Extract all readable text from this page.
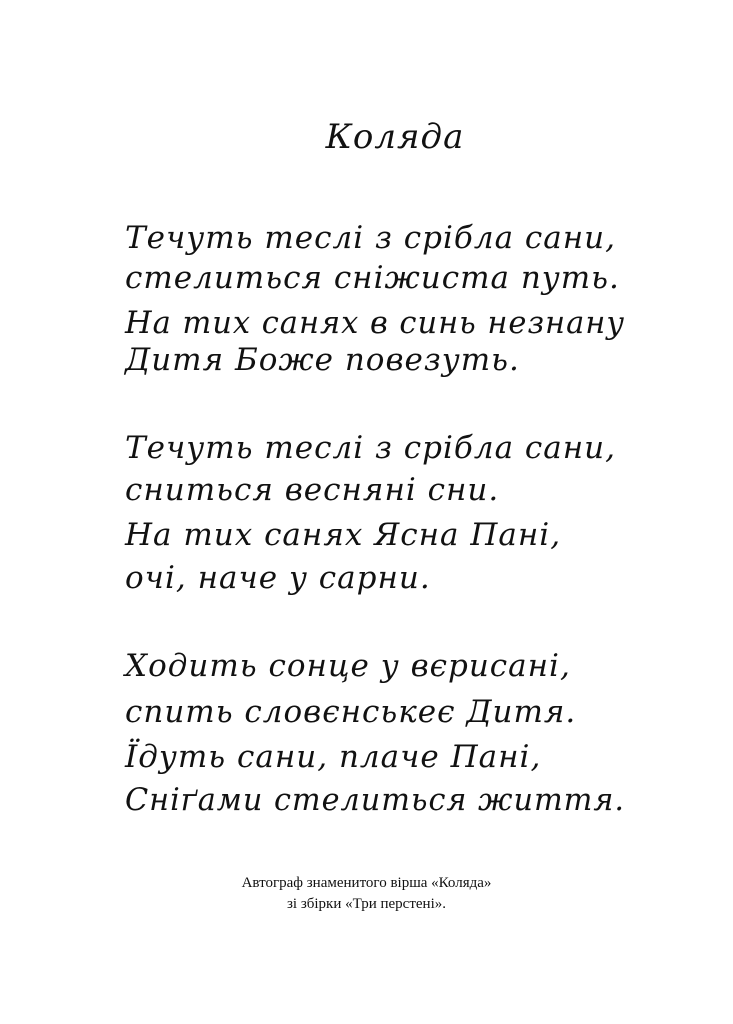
Коляда
Течуть теслі з срібла сани,
стелиться сніжиста путь.
На тих санях в синь незнану
Дитя Боже повезуть.
Течуть теслі з срібла сани,
сниться весняні сни.
На тих санях Ясна Пані,
очі, наче у сарни.
Ходить сонце у вєрисані,
спить словєнськеє Дитя.
Їдуть сани, плаче Пані,
Сніґами стелиться життя.
Автограф знаменитого вірша «Коляда»
зі збірки «Три перстені».
